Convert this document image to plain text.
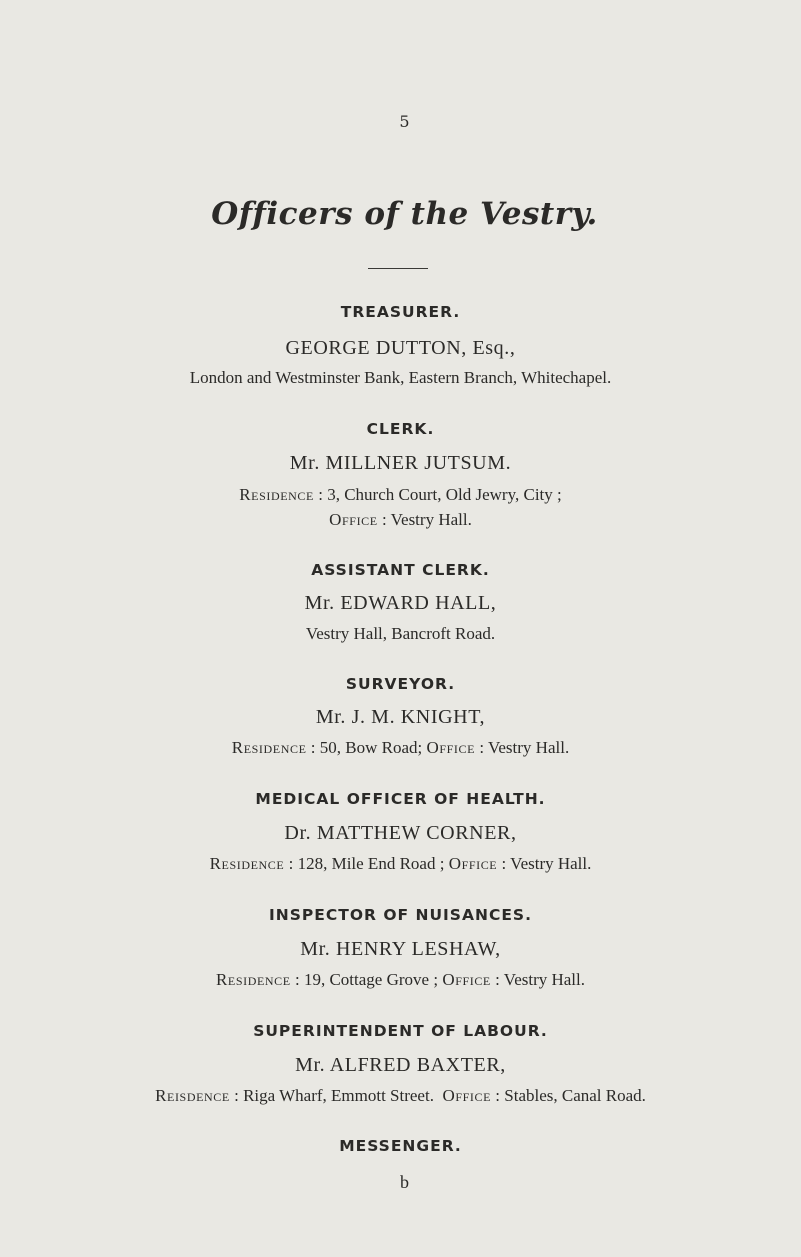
5
Officers of the Vestry.
TREASURER.
GEORGE DUTTON, Esq.,
London and Westminster Bank, Eastern Branch, Whitechapel.
CLERK.
Mr. MILLNER JUTSUM.
Residence : 3, Church Court, Old Jewry, City ;
Office : Vestry Hall.
ASSISTANT CLERK.
Mr. EDWARD HALL,
Vestry Hall, Bancroft Road.
SURVEYOR.
Mr. J. M. KNIGHT,
Residence : 50, Bow Road; Office : Vestry Hall.
MEDICAL OFFICER OF HEALTH.
Dr. MATTHEW CORNER,
Residence : 128, Mile End Road ; Office : Vestry Hall.
INSPECTOR OF NUISANCES.
Mr. HENRY LESHAW,
Residence : 19, Cottage Grove ; Office : Vestry Hall.
SUPERINTENDENT OF LABOUR.
Mr. ALFRED BAXTER,
Reisdence : Riga Wharf, Emmott Street. Office : Stables, Canal Road.
MESSENGER.
b
